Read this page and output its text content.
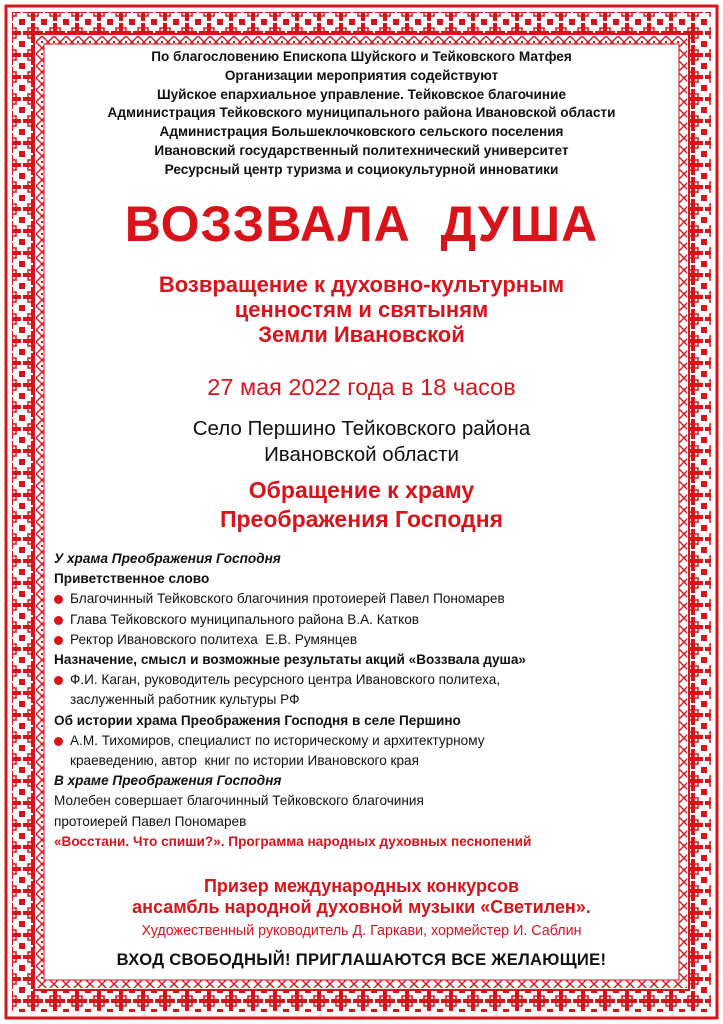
По благословению Епископа Шуйского и Тейковского Матфея
Организации мероприятия содействуют
Шуйское епархиальное управление. Тейковское благочиние
Администрация Тейковского муниципального района Ивановской области
Администрация Большеклочковского сельского поселения
Ивановский государственный политехнический университет
Ресурсный центр туризма и социокультурной инноватики
ВОЗЗВАЛА  ДУША
Возвращение к духовно-культурным
ценностям и святыням
Земли Ивановской
27 мая 2022 года в 18 часов
Село Першино Тейковского района
Ивановской области
Обращение к храму
Преображения Господня
У храма Преображения Господня
Приветственное слово
Благочинный Тейковского благочиния протоиерей Павел Пономарев
Глава Тейковского муниципального района В.А. Катков
Ректор Ивановского политеха  Е.В. Румянцев
Назначение, смысл и возможные результаты акций «Воззвала душа»
Ф.И. Каган, руководитель ресурсного центра Ивановского политеха,
заслуженный работник культуры РФ
Об истории храма Преображения Господня в селе Першино
А.М. Тихомиров, специалист по историческому и архитектурному
краеведению, автор  книг по истории Ивановского края
В храме Преображения Господня
Молебен совершает благочинный Тейковского благочиния
протоиерей Павел Пономарев
«Восстани. Что спиши?». Программа народных духовных песнопений
Призер международных конкурсов
ансамбль народной духовной музыки «Светилен».
Художественный руководитель Д. Гаркави, хормейстер И. Саблин
ВХОД СВОБОДНЫЙ! ПРИГЛАШАЮТСЯ ВСЕ ЖЕЛАЮЩИЕ!
